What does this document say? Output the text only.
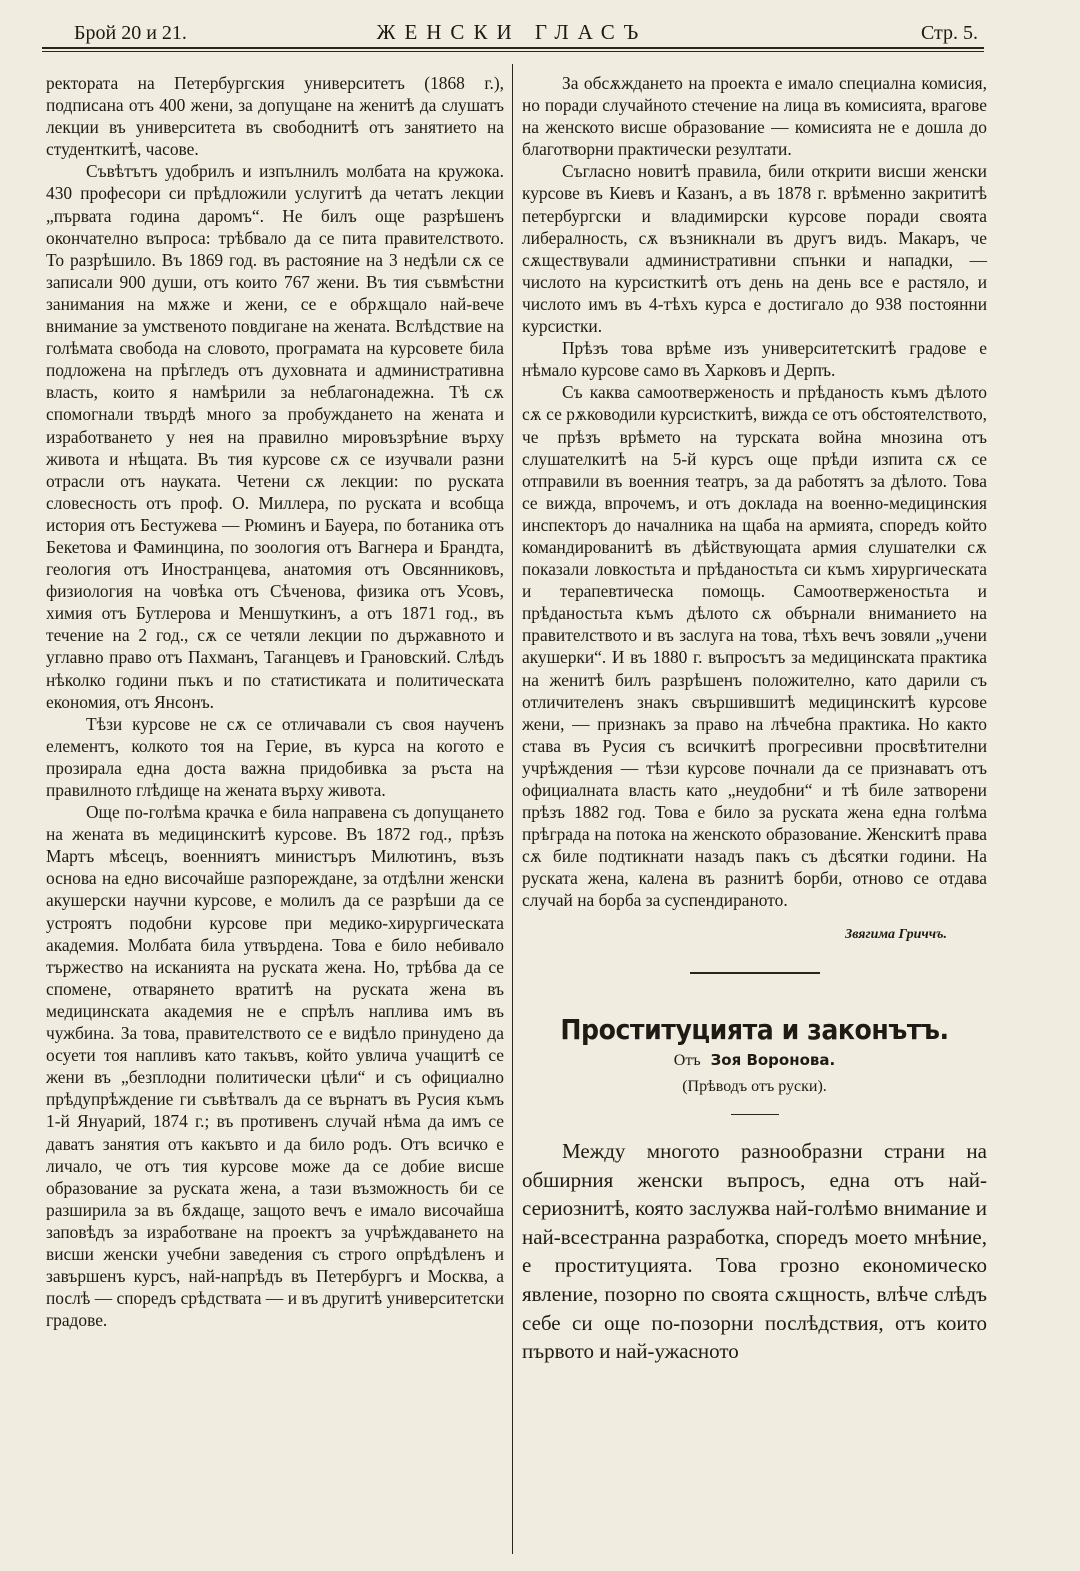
Брой 20 и 21.	ЖЕНСКИ ГЛАСЪ	Стр. 5.

ректората на Петербургския университетъ (1868 г.), подписана отъ 400 жени, за допущане на женитѣ да слушатъ лекции въ университета въ свободнитѣ отъ занятието на студенткитѣ, часове.

Съвѣтътъ удобрилъ и изпълнилъ молбата на кружока. 430 професори си прѣдложили услугитѣ да четатъ лекции „първата година даромъ“. Не билъ още разрѣшенъ окончателно въпроса: трѣбвало да се пита правителството. То разрѣшило. Въ 1869 год. въ растояние на 3 недѣли сѫ се записали 900 души, отъ които 767 жени. Въ тия съвмѣстни занимания на мѫже и жени, се е обрѫщало най-вече внимание за умственото повдигане на жената. Вслѣдствие на голѣмата свобода на словото, програмата на курсовете била подложена на прѣгледъ отъ духовната и административна власть, които я намѣрили за неблагонадежна. Тѣ сѫ спомогнали твърдѣ много за пробуждането на жената и изработването у нея на правилно мировъзрѣние върху живота и нѣщата. Въ тия курсове сѫ се изучвали разни отрасли отъ науката. Четени сѫ лекции: по руската словесность отъ проф. О. Миллера, по руската и всобща история отъ Бестужева — Рюминъ и Бауера, по ботаника отъ Бекетова и Фаминцина, по зоология отъ Вагнера и Брандта, геология отъ Иностранцева, анатомия отъ Овсянниковъ, физиология на човѣка отъ Сѣченова, физика отъ Усовъ, химия отъ Бутлерова и Меншуткинъ, а отъ 1871 год., въ течение на 2 год., сѫ се четяли лекции по държавното и углавно право отъ Пахманъ, Таганцевъ и Грановский. Слѣдъ нѣколко години пъкъ и по статистиката и политическата економия, отъ Янсонъ.

Тѣзи курсове не сѫ се отличавали съ своя наученъ елементъ, колкото тоя на Герие, въ курса на когото е прозирала една доста важна придобивка за ръста на правилното глѣдище на жената върху живота.

Още по-голѣма крачка е била направена съ допущането на жената въ медицинскитѣ курсове. Въ 1872 год., прѣзъ Мартъ мѣсецъ, военниятъ министъръ Милютинъ, възъ основа на едно височайше разпореждане, за отдѣлни женски акушерски научни курсове, е молилъ да се разрѣши да се устроятъ подобни курсове при медико-хирургическата академия. Молбата била утвърдена. Това е било небивало тържество на исканията на руската жена. Но, трѣбва да се спомене, отварянето вратитѣ на руската жена въ медицинската академия не е спрѣлъ наплива имъ въ чужбина. За това, правителството се е видѣло принудено да осуети тоя напливъ като такъвъ, който увлича учащитѣ се жени въ „безплодни политически цѣли“ и съ официално прѣдупрѣждение ги съвѣтвалъ да се върнатъ въ Русия къмъ 1-й Януарий, 1874 г.; въ противенъ случай нѣма да имъ се даватъ занятия отъ какъвто и да било родъ. Отъ всичко е личало, че отъ тия курсове може да се добие висше образование за руската жена, а тази възможность би се разширила за въ бѫдаще, защото вечъ е имало височайша заповѣдъ за изработване на проектъ за учрѣждаването на висши женски учебни заведения съ строго опрѣдѣленъ и завършенъ курсъ, най-напрѣдъ въ Петербургъ и Москва, а послѣ — споредъ срѣдствата — и въ другитѣ университетски градове.

За обсѫждането на проекта е имало специална комисия, но поради случайното стечение на лица въ комисията, врагове на женското висше образование — комисията не е дошла до благотворни практически резултати.

Съгласно новитѣ правила, били открити висши женски курсове въ Киевъ и Казанъ, а въ 1878 г. врѣменно закрититѣ петербургски и владимирски курсове поради своята либералность, сѫ възникнали въ другъ видъ. Макаръ, че сѫществували административни спънки и нападки, — числото на курсисткитѣ отъ день на день все е растяло, и числото имъ въ 4-тѣхъ курса е достигало до 938 постоянни курсистки.

Прѣзъ това врѣме изъ университетскитѣ градове е нѣмало курсове само въ Харковъ и Дерпъ.

Съ каква самоотверженость и прѣданость къмъ дѣлото сѫ се рѫководили курсисткитѣ, вижда се отъ обстоятелството, че прѣзъ врѣмето на турската война мнозина отъ слушателкитѣ на 5-й курсъ още прѣди изпита сѫ се отправили въ военния театръ, за да работятъ за дѣлото. Това се вижда, впрочемъ, и отъ доклада на военно-медицинския инспекторъ до началника на щаба на армията, споредъ който командированитѣ въ дѣйствующата армия слушателки сѫ показали ловкостьта и прѣданостьта си къмъ хирургическата и терапевтическа помощь. Самоотверженостьта и прѣданостьта къмъ дѣлото сѫ обърнали вниманието на правителството и въ заслуга на това, тѣхъ вечъ зовяли „учени акушерки“. И въ 1880 г. въпросътъ за медицинската практика на женитѣ билъ разрѣшенъ положително, като дарили съ отличителенъ знакъ свършившитѣ медицинскитѣ курсове жени, — признакъ за право на лѣчебна практика. Но както става въ Русия съ всичкитѣ прогресивни просвѣтителни учрѣждения — тѣзи курсове почнали да се признаватъ отъ официалната власть като „неудобни“ и тѣ биле затворени прѣзъ 1882 год. Това е било за руската жена една голѣма прѣграда на потока на женското образование. Женскитѣ права сѫ биле подтикнати назадъ пакъ съ дѣсятки години. На руската жена, калена въ разнитѣ борби, отново се отдава случай на борба за суспендираното.

Звягима Гриччъ.
Проституцията и законътъ.
Отъ Зоя Воронова.
(Прѣводъ отъ руски).

Между многото разнообразни страни на обширния женски въпросъ, една отъ най-сериознитѣ, която заслужва най-голѣмо внимание и най-всестранна разработка, споредъ моето мнѣние, е проституцията. Това грозно економическо явление, позорно по своята сѫщность, влѣче слѣдъ себе си още по-позорни послѣдствия, отъ които първото и най-ужасното
